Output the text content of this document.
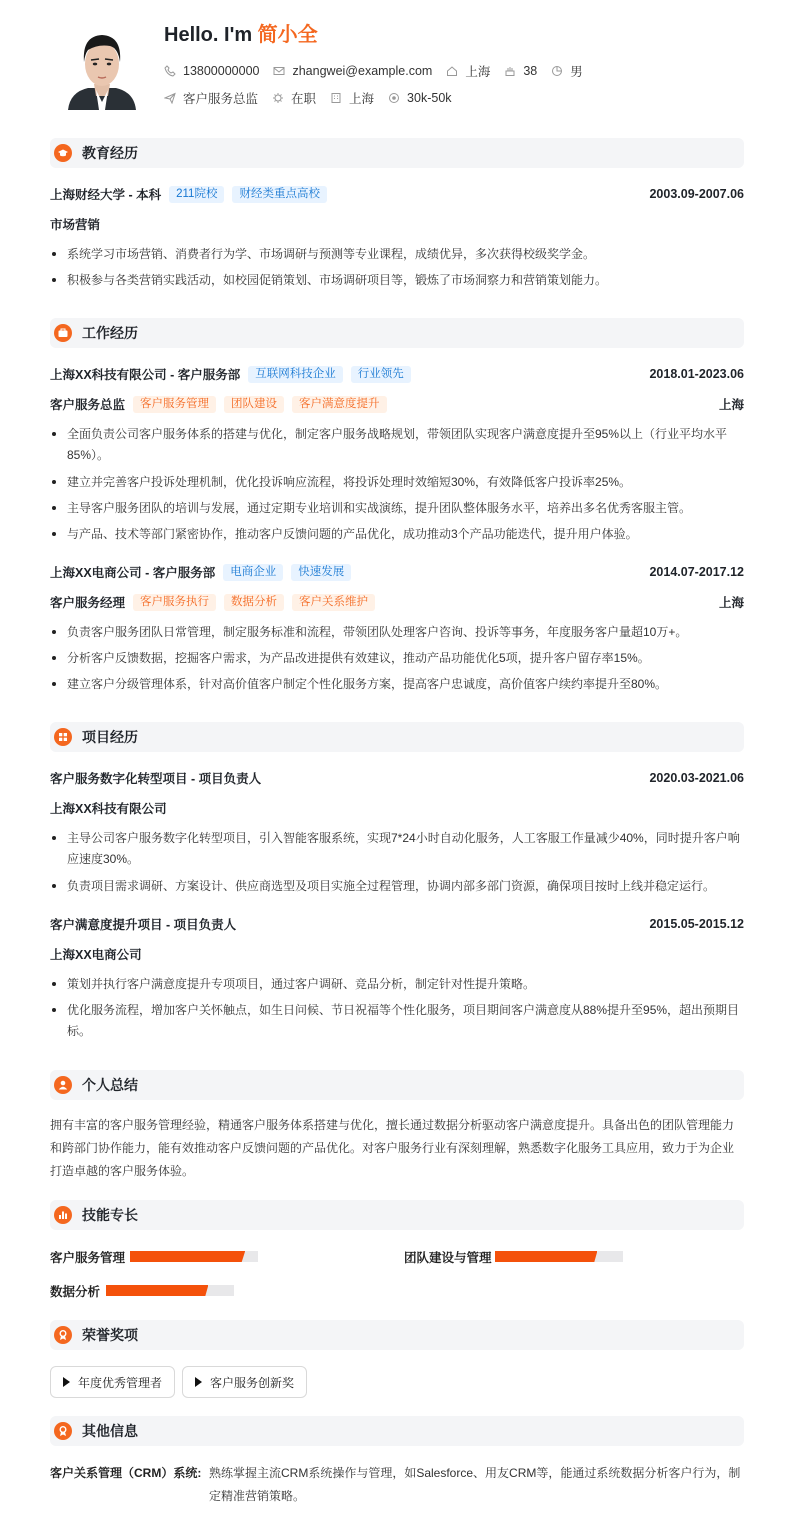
Hello. I'm 简小全
13800000000	zhangwei@example.com	上海	38	男
客户服务总监	在职	上海	30k-50k
教育经历
上海财经大学 - 本科	211院校	财经类重点高校	2003.09-2007.06
市场营销
系统学习市场营销、消费者行为学、市场调研与预测等专业课程，成绩优异，多次获得校级奖学金。
积极参与各类营销实践活动，如校园促销策划、市场调研项目等，锻炼了市场洞察力和营销策划能力。
工作经历
上海XX科技有限公司 - 客户服务部	互联网科技企业	行业领先	2018.01-2023.06
客户服务总监	客户服务管理	团队建设	客户满意度提升	上海
全面负责公司客户服务体系的搭建与优化，制定客户服务战略规划，带领团队实现客户满意度提升至95%以上（行业平均水平85%）。
建立并完善客户投诉处理机制，优化投诉响应流程，将投诉处理时效缩短30%，有效降低客户投诉率25%。
主导客户服务团队的培训与发展，通过定期专业培训和实战演练，提升团队整体服务水平，培养出多名优秀客服主管。
与产品、技术等部门紧密协作，推动客户反馈问题的产品优化，成功推动3个产品功能迭代，提升用户体验。
上海XX电商公司 - 客户服务部	电商企业	快速发展	2014.07-2017.12
客户服务经理	客户服务执行	数据分析	客户关系维护	上海
负责客户服务团队日常管理，制定服务标准和流程，带领团队处理客户咨询、投诉等事务，年度服务客户量超10万+。
分析客户反馈数据，挖掘客户需求，为产品改进提供有效建议，推动产品功能优化5项，提升客户留存率15%。
建立客户分级管理体系，针对高价值客户制定个性化服务方案，提高客户忠诚度，高价值客户续约率提升至80%。
项目经历
客户服务数字化转型项目 - 项目负责人	2020.03-2021.06
上海XX科技有限公司
主导公司客户服务数字化转型项目，引入智能客服系统，实现7*24小时自动化服务，人工客服工作量减少40%，同时提升客户响应速度30%。
负责项目需求调研、方案设计、供应商选型及项目实施全过程管理，协调内部多部门资源，确保项目按时上线并稳定运行。
客户满意度提升项目 - 项目负责人	2015.05-2015.12
上海XX电商公司
策划并执行客户满意度提升专项项目，通过客户调研、竞品分析，制定针对性提升策略。
优化服务流程，增加客户关怀触点，如生日问候、节日祝福等个性化服务，项目期间客户满意度从88%提升至95%，超出预期目标。
个人总结
拥有丰富的客户服务管理经验，精通客户服务体系搭建与优化，擅长通过数据分析驱动客户满意度提升。具备出色的团队管理能力和跨部门协作能力，能有效推动客户反馈问题的产品优化。对客户服务行业有深刻理解，熟悉数字化服务工具应用，致力于为企业打造卓越的客户服务体验。
技能专长
客户服务管理	团队建设与管理
数据分析
荣誉奖项
年度优秀管理者	客户服务创新奖
其他信息
客户关系管理（CRM）系统: 熟练掌握主流CRM系统操作与管理，如Salesforce、用友CRM等，能通过系统数据分析客户行为，制定精准营销策略。
